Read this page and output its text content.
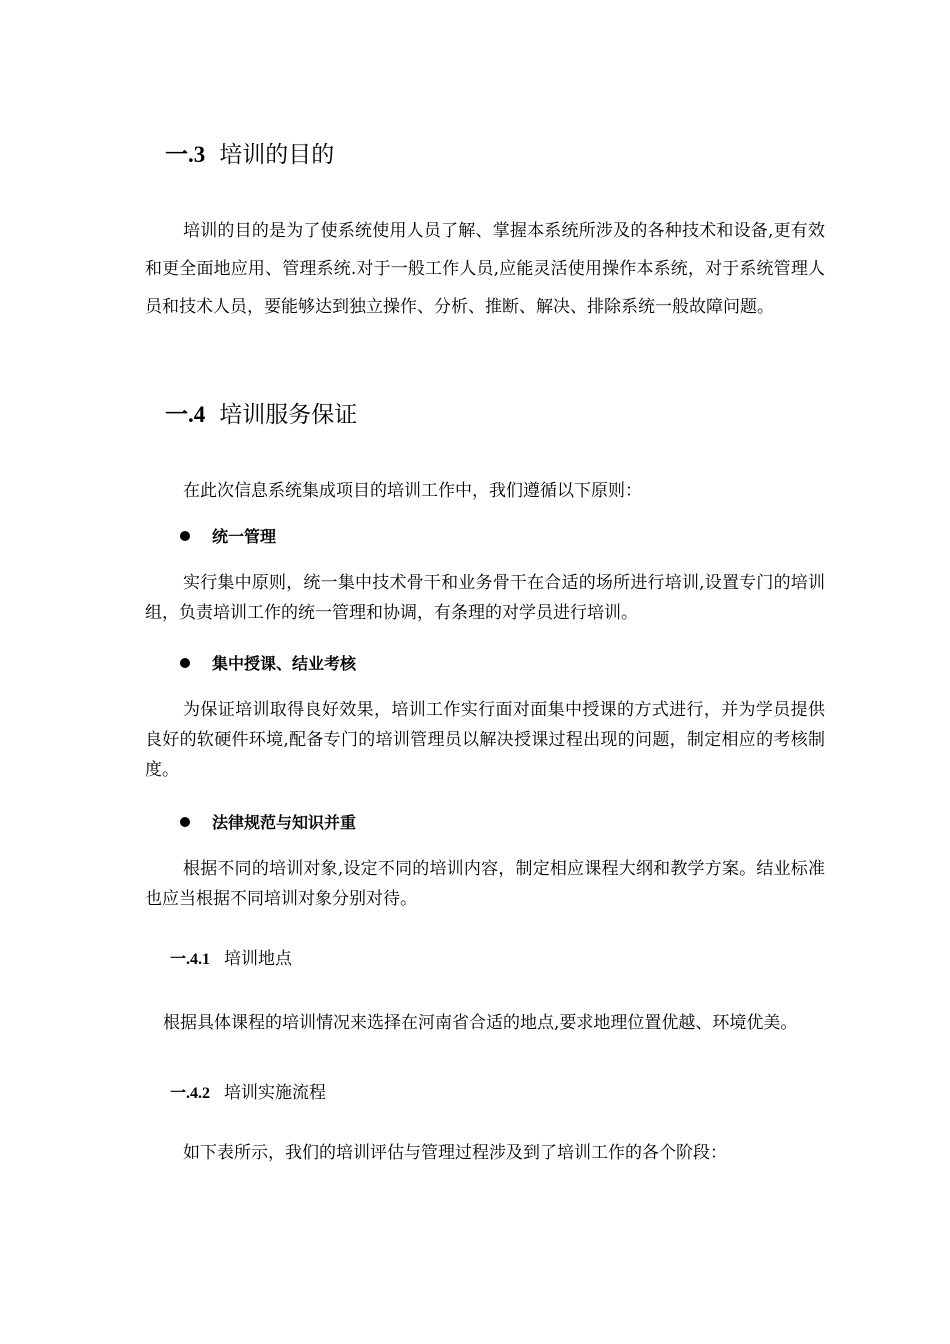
一.3 培训的目的

培训的目的是为了使系统使用人员了解、掌握本系统所涉及的各种技术和设备,更有效和更全面地应用、管理系统.对于一般工作人员,应能灵活使用操作本系统，对于系统管理人员和技术人员，要能够达到独立操作、分析、推断、解决、排除系统一般故障问题。

一.4 培训服务保证

在此次信息系统集成项目的培训工作中，我们遵循以下原则：

统一管理

实行集中原则，统一集中技术骨干和业务骨干在合适的场所进行培训,设置专门的培训组，负责培训工作的统一管理和协调，有条理的对学员进行培训。

集中授课、结业考核

为保证培训取得良好效果，培训工作实行面对面集中授课的方式进行，并为学员提供良好的软硬件环境,配备专门的培训管理员以解决授课过程出现的问题，制定相应的考核制度。

法律规范与知识并重

根据不同的培训对象,设定不同的培训内容，制定相应课程大纲和教学方案。结业标准也应当根据不同培训对象分别对待。

一.4.1 培训地点

根据具体课程的培训情况来选择在河南省合适的地点,要求地理位置优越、环境优美。

一.4.2 培训实施流程

如下表所示，我们的培训评估与管理过程涉及到了培训工作的各个阶段：
